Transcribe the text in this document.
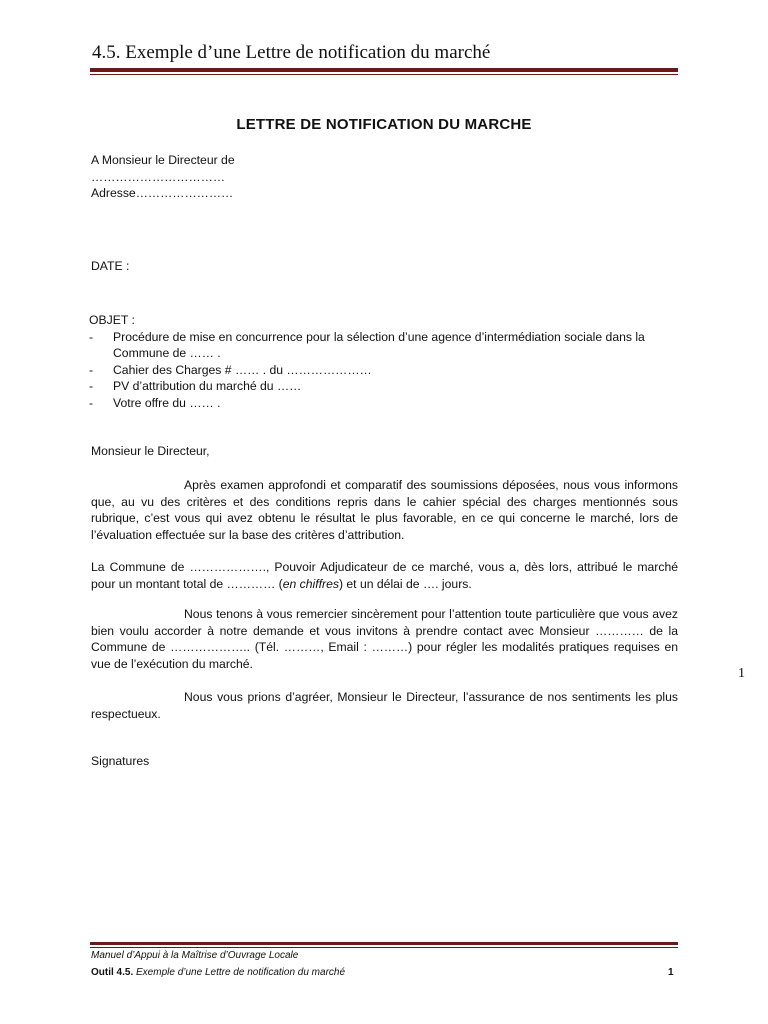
4.5. Exemple d’une Lettre de notification du marché
LETTRE DE NOTIFICATION DU MARCHE
A Monsieur le Directeur de
……………………………
Adresse……………………
DATE :
OBJET :
- Procédure de mise en concurrence pour la sélection d’une agence d’intermédiation sociale dans la Commune de …… .
- Cahier des Charges # …… . du …………………
- PV d’attribution du marché du ……
- Votre offre du …… .
Monsieur le Directeur,
Après examen approfondi et comparatif des soumissions déposées, nous vous informons que, au vu des critères et des conditions repris dans le cahier spécial des charges mentionnés sous rubrique, c’est vous qui avez obtenu le résultat le plus favorable, en ce qui concerne le marché, lors de l’évaluation effectuée sur la base des critères d’attribution.
La Commune de ………………., Pouvoir Adjudicateur de ce marché, vous a, dès lors, attribué le marché pour un montant total de ………… (en chiffres) et un délai de …. jours.
Nous tenons à vous remercier sincèrement pour l’attention toute particulière que vous avez bien voulu accorder à notre demande et vous invitons à prendre contact avec Monsieur ………… de la Commune de ……………….. (Tél. ………, Email : ………) pour régler les modalités pratiques requises en vue de l’exécution du marché.
Nous vous prions d’agréer, Monsieur le Directeur, l’assurance de nos sentiments les plus respectueux.
Signatures
1
Manuel d’Appui à la Maîtrise d’Ouvrage Locale
Outil 4.5. Exemple d’une Lettre de notification du marché	1
